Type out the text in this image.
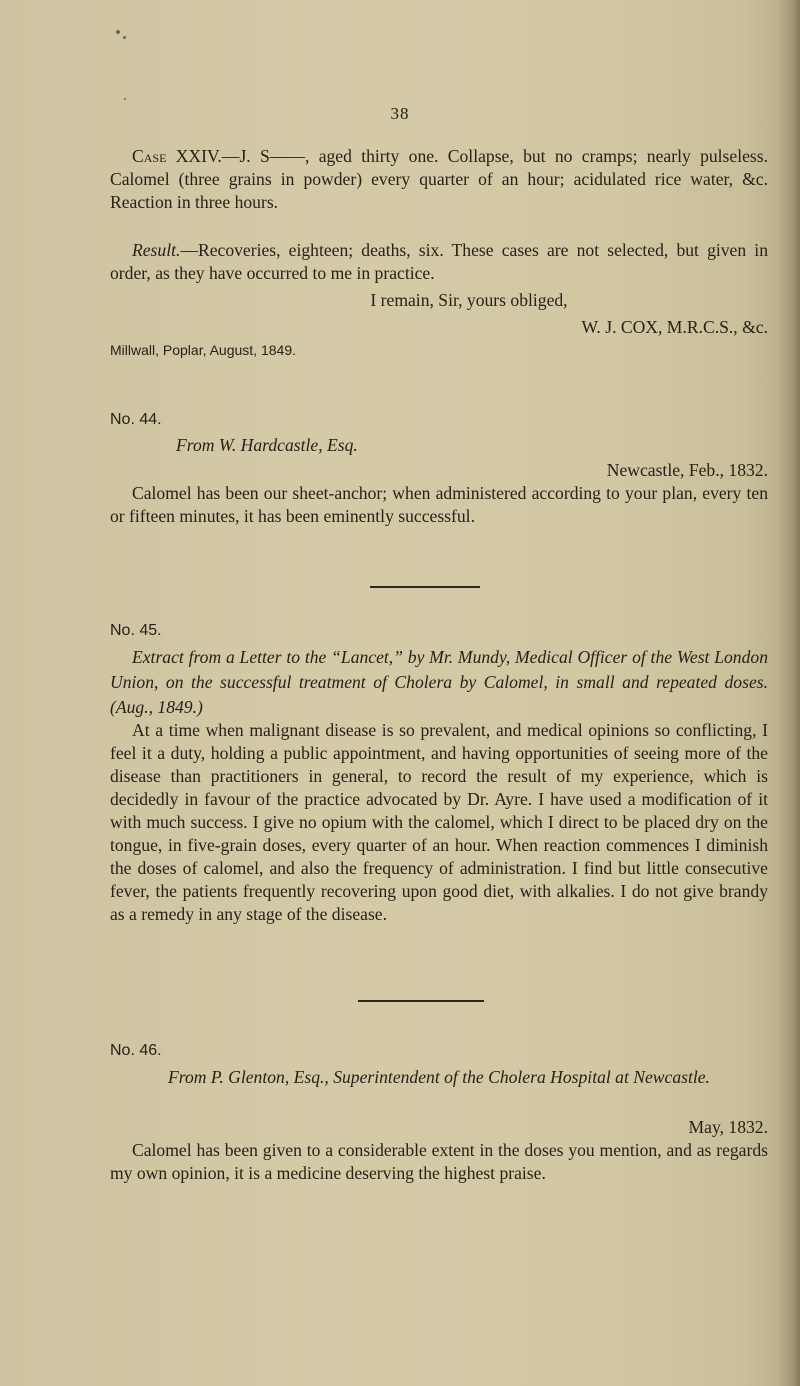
38

Case XXIV.—J. S——, aged thirty one. Collapse, but no cramps; nearly pulseless. Calomel (three grains in powder) every quarter of an hour; acidulated rice water, &c. Reaction in three hours.

Result.—Recoveries, eighteen; deaths, six. These cases are not selected, but given in order, as they have occurred to me in practice.

I remain, Sir, yours obliged,

W. J. COX, M.R.C.S., &c.

Millwall, Poplar, August, 1849.

No. 44.

From W. Hardcastle, Esq.

Newcastle, Feb., 1832.

Calomel has been our sheet-anchor; when administered according to your plan, every ten or fifteen minutes, it has been eminently successful.

No. 45.

Extract from a Letter to the “Lancet,” by Mr. Mundy, Medical Officer of the West London Union, on the successful treatment of Cholera by Calomel, in small and repeated doses. (Aug., 1849.)

At a time when malignant disease is so prevalent, and medical opinions so conflicting, I feel it a duty, holding a public appointment, and having opportunities of seeing more of the disease than practitioners in general, to record the result of my experience, which is decidedly in favour of the practice advocated by Dr. Ayre. I have used a modification of it with much success. I give no opium with the calomel, which I direct to be placed dry on the tongue, in five-grain doses, every quarter of an hour. When reaction commences I diminish the doses of calomel, and also the frequency of administration. I find but little consecutive fever, the patients frequently recovering upon good diet, with alkalies. I do not give brandy as a remedy in any stage of the disease.

No. 46.

From P. Glenton, Esq., Superintendent of the Cholera Hospital at Newcastle.

May, 1832.

Calomel has been given to a considerable extent in the doses you mention, and as regards my own opinion, it is a medicine deserving the highest praise.
